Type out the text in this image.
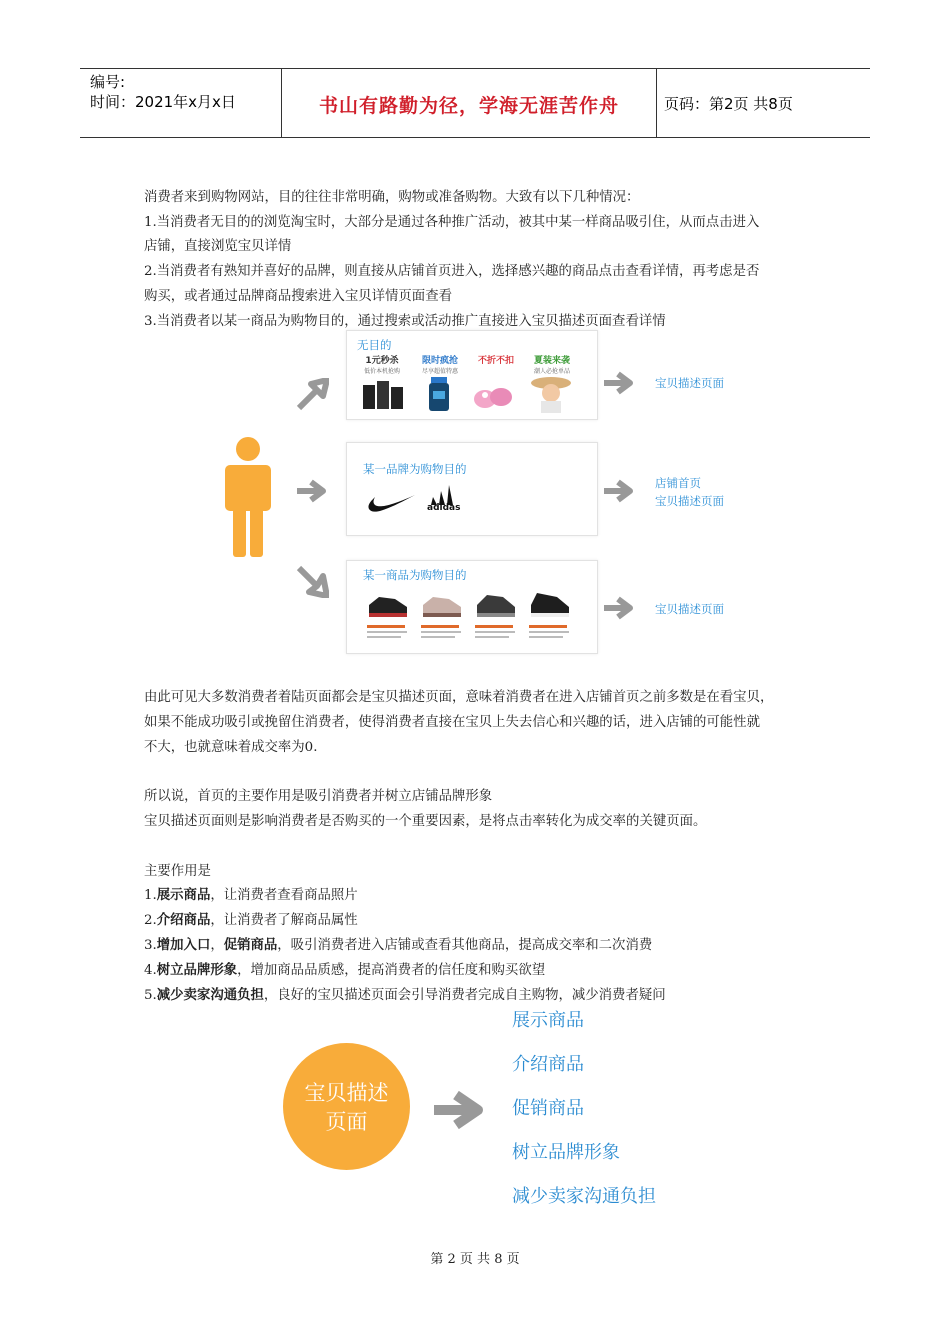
编号:
时间：2021年x月x日	书山有路勤为径，学海无涯苦作舟	页码：第2页 共8页
消费者来到购物网站，目的往往非常明确，购物或准备购物。大致有以下几种情况：
1.当消费者无目的的浏览淘宝时，大部分是通过各种推广活动，被其中某一样商品吸引住，从而点击进入
店铺，直接浏览宝贝详情
2.当消费者有熟知并喜好的品牌，则直接从店铺首页进入，选择感兴趣的商品点击查看详情，再考虑是否
购买，或者通过品牌商品搜索进入宝贝详情页面查看
3.当消费者以某一商品为购物目的，通过搜索或活动推广直接进入宝贝描述页面查看详情
无目的
1元秒杀
低价本机抢购
限时疯抢
尽享超值特惠
不折不扣	夏装来袭
潮人必抢单品
宝贝描述页面
某一品牌为购物目的
adidas
店铺首页
宝贝描述页面
某一商品为购物目的
宝贝描述页面
由此可见大多数消费者着陆页面都会是宝贝描述页面，意味着消费者在进入店铺首页之前多数是在看宝贝，
如果不能成功吸引或挽留住消费者，使得消费者直接在宝贝上失去信心和兴趣的话，进入店铺的可能性就
不大，也就意味着成交率为0.
所以说，首页的主要作用是吸引消费者并树立店铺品牌形象
宝贝描述页面则是影响消费者是否购买的一个重要因素，是将点击率转化为成交率的关键页面。
主要作用是
1.展示商品，让消费者查看商品照片
2.介绍商品，让消费者了解商品属性
3.增加入口，促销商品，吸引消费者进入店铺或查看其他商品，提高成交率和二次消费
4.树立品牌形象，增加商品品质感，提高消费者的信任度和购买欲望
5.减少卖家沟通负担，良好的宝贝描述页面会引导消费者完成自主购物，减少消费者疑问
宝贝描述
页面
展示商品
介绍商品
促销商品
树立品牌形象
减少卖家沟通负担
第 2 页 共 8 页
